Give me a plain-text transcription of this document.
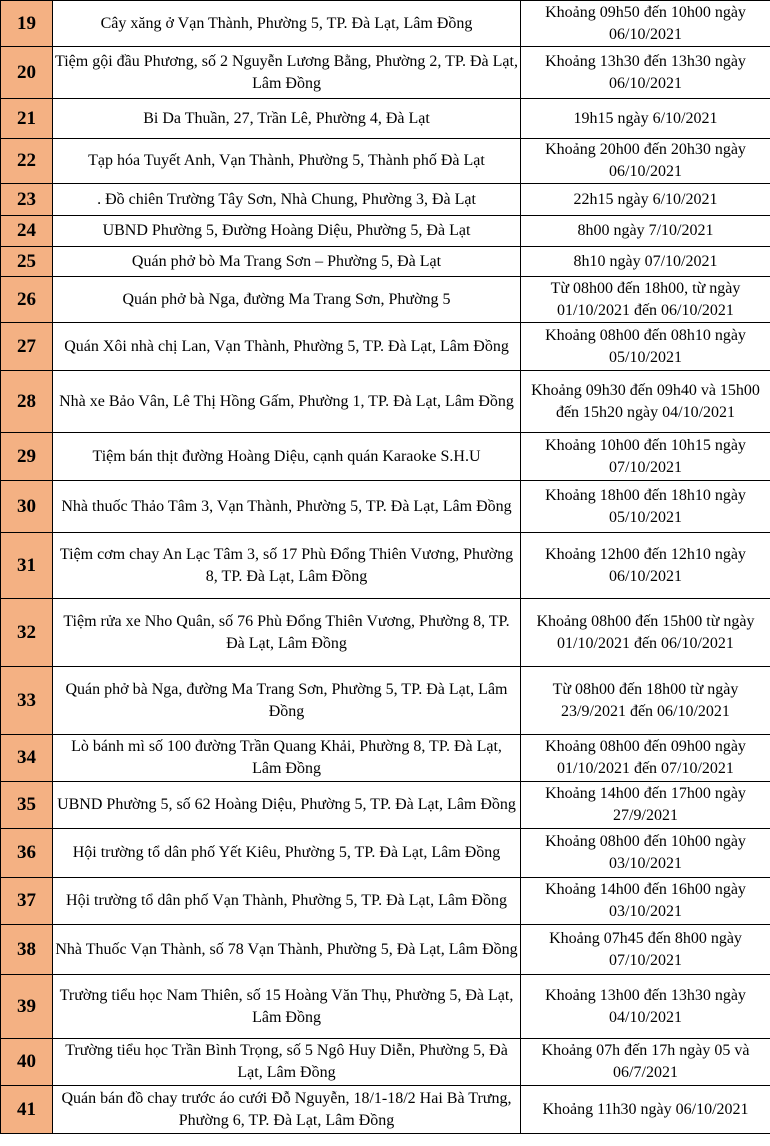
19	Cây xăng ở Vạn Thành, Phường 5, TP. Đà Lạt, Lâm Đồng	Khoảng 09h50 đến 10h00 ngày 06/10/2021
20	Tiệm gội đầu Phương, số 2 Nguyễn Lương Bằng, Phường 2, TP. Đà Lạt, Lâm Đồng	Khoảng 13h30 đến 13h30 ngày 06/10/2021
21	Bi Da Thuần, 27, Trần Lê, Phường 4, Đà Lạt	19h15 ngày 6/10/2021
22	Tạp hóa Tuyết Anh, Vạn Thành, Phường 5, Thành phố Đà Lạt	Khoảng 20h00 đến 20h30 ngày 06/10/2021
23	. Đồ chiên Trường Tây Sơn, Nhà Chung, Phường 3, Đà Lạt	22h15 ngày 6/10/2021
24	UBND Phường 5, Đường Hoàng Diệu, Phường 5, Đà Lạt	8h00 ngày 7/10/2021
25	Quán phở bò Ma Trang Sơn – Phường 5, Đà Lạt	8h10 ngày 07/10/2021
26	Quán phở bà Nga, đường Ma Trang Sơn, Phường 5	Từ 08h00 đến 18h00, từ ngày 01/10/2021 đến 06/10/2021
27	Quán Xôi nhà chị Lan, Vạn Thành, Phường 5, TP. Đà Lạt, Lâm Đồng	Khoảng 08h00 đến 08h10 ngày 05/10/2021
28	Nhà xe Bảo Vân, Lê Thị Hồng Gấm, Phường 1, TP. Đà Lạt, Lâm Đồng	Khoảng 09h30 đến 09h40 và 15h00 đến 15h20 ngày 04/10/2021
29	Tiệm bán thịt đường Hoàng Diệu, cạnh quán Karaoke S.H.U	Khoảng 10h00 đến 10h15 ngày 07/10/2021
30	Nhà thuốc Thảo Tâm 3, Vạn Thành, Phường 5, TP. Đà Lạt, Lâm Đồng	Khoảng 18h00 đến 18h10 ngày 05/10/2021
31	Tiệm cơm chay An Lạc Tâm 3, số 17 Phù Đổng Thiên Vương, Phường 8, TP. Đà Lạt, Lâm Đồng	Khoảng 12h00 đến 12h10 ngày 06/10/2021
32	Tiệm rửa xe Nho Quân, số 76 Phù Đổng Thiên Vương, Phường 8, TP. Đà Lạt, Lâm Đồng	Khoảng 08h00 đến 15h00 từ ngày 01/10/2021 đến 06/10/2021
33	Quán phở bà Nga, đường Ma Trang Sơn, Phường 5, TP. Đà Lạt, Lâm Đồng	Từ 08h00 đến 18h00 từ ngày 23/9/2021 đến 06/10/2021
34	Lò bánh mì số 100 đường Trần Quang Khải, Phường 8, TP. Đà Lạt, Lâm Đồng	Khoảng 08h00 đến 09h00 ngày 01/10/2021 đến 07/10/2021
35	UBND Phường 5, số 62 Hoàng Diệu, Phường 5, TP. Đà Lạt, Lâm Đồng	Khoảng 14h00 đến 17h00 ngày 27/9/2021
36	Hội trường tổ dân phố Yết Kiêu, Phường 5, TP. Đà Lạt, Lâm Đồng	Khoảng 08h00 đến 10h00 ngày 03/10/2021
37	Hội trường tổ dân phố Vạn Thành, Phường 5, TP. Đà Lạt, Lâm Đồng	Khoảng 14h00 đến 16h00 ngày 03/10/2021
38	Nhà Thuốc Vạn Thành, số 78 Vạn Thành, Phường 5, Đà Lạt, Lâm Đồng	Khoảng 07h45 đến 8h00 ngày 07/10/2021
39	Trường tiểu học Nam Thiên, số 15 Hoàng Văn Thụ, Phường 5, Đà Lạt, Lâm Đồng	Khoảng 13h00 đến 13h30 ngày 04/10/2021
40	Trường tiểu học Trần Bình Trọng, số 5 Ngô Huy Diễn, Phường 5, Đà Lạt, Lâm Đồng	Khoảng 07h đến 17h ngày 05 và 06/7/2021
41	Quán bán đồ chay trước áo cưới Đỗ Nguyễn, 18/1-18/2 Hai Bà Trưng, Phường 6, TP. Đà Lạt, Lâm Đồng	Khoảng 11h30 ngày 06/10/2021
